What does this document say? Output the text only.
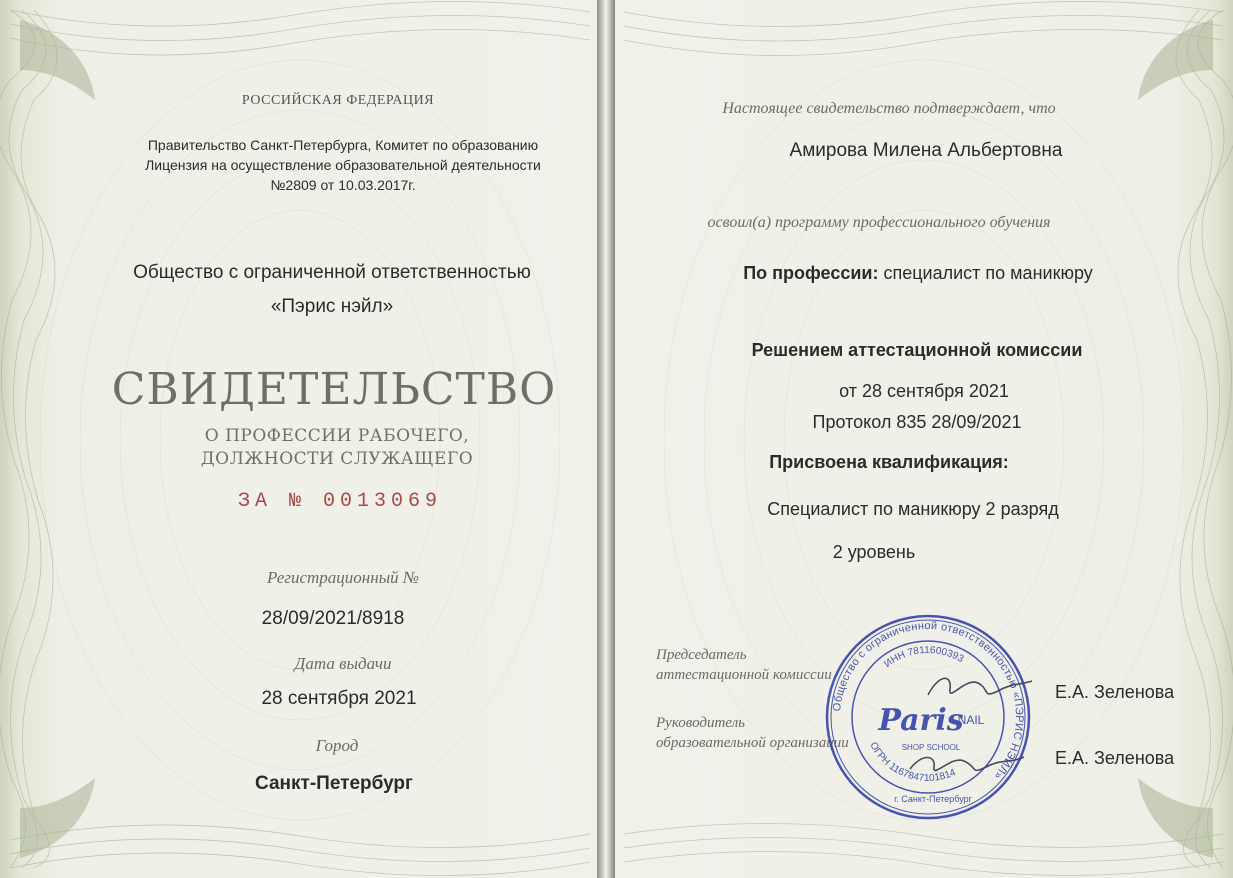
РОССИЙСКАЯ ФЕДЕРАЦИЯ
Правительство Санкт-Петербурга, Комитет по образованию
Лицензия на осуществление образовательной деятельности
№2809 от 10.03.2017г.
Общество с ограниченной ответственностью
«Пэрис нэйл»
СВИДЕТЕЛЬСТВО
О ПРОФЕССИИ РАБОЧЕГО,
ДОЛЖНОСТИ СЛУЖАЩЕГО
ЗА № 0013069
Регистрационный №
28/09/2021/8918
Дата выдачи
28 сентября 2021
Город
Санкт-Петербург
Настоящее свидетельство подтверждает, что
Амирова Милена Альбертовна
освоил(а) программу профессионального обучения
По профессии: специалист по маникюру
Решением аттестационной комиссии
от 28 сентября 2021
Протокол 835 28/09/2021
Присвоена квалификация:
Специалист по маникюру 2 разряд
2 уровень
Председатель
аттестационной комиссии
Е.А. Зеленова
Руководитель
образовательной организации
Е.А. Зеленова
Общество с ограниченной ответственностью «ПЭРИС НЭЙЛ»
ИНН 7811600393
ОГРН 1167847101814
Paris
NAIL
SHOP SCHOOL
г. Санкт-Петербург
